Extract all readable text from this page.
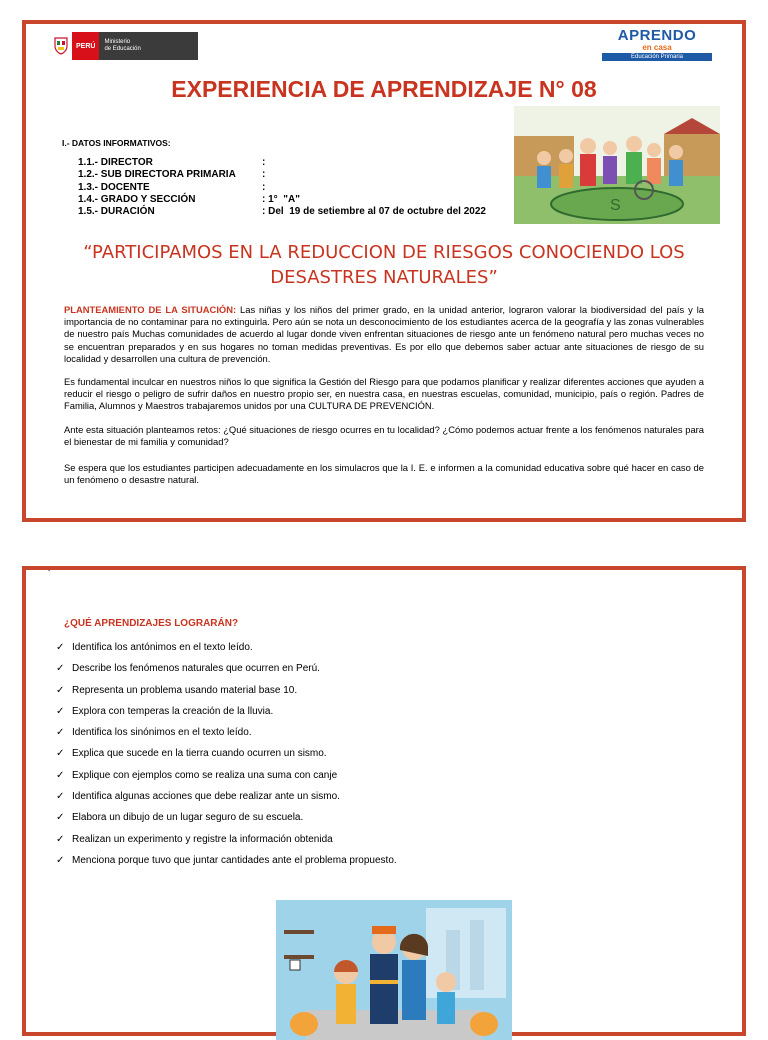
PERÚ
Ministerio
de Educación
APRENDO
en casa
Educación Primaria
EXPERIENCIA DE APRENDIZAJE N° 08
I.- DATOS INFORMATIVOS:
1.1.- DIRECTOR	:
1.2.- SUB DIRECTORA PRIMARIA	:
1.3.- DOCENTE	:
1.4.- GRADO Y SECCIÓN	: 1°  "A"
1.5.- DURACIÓN	: Del  19 de setiembre al 07 de octubre del 2022	S
“PARTICIPAMOS EN LA REDUCCION DE RIESGOS CONOCIENDO LOS DESASTRES NATURALES”
PLANTEAMIENTO DE LA SITUACIÓN: Las niñas y los niños del primer grado, en la unidad anterior, lograron valorar la biodiversidad del país y la importancia de no contaminar para no extinguirla. Pero aún se nota un desconocimiento de los estudiantes acerca de la geografía y las zonas vulnerables de nuestro país Muchas comunidades de acuerdo al lugar donde viven enfrentan situaciones de riesgo ante un fenómeno natural pero muchas veces no se encuentran preparados y en sus hogares no toman medidas preventivas. Es por ello que debemos saber actuar ante situaciones de riesgo de su localidad y desarrollen una cultura de prevención.
Es fundamental inculcar en nuestros niños lo que significa la Gestión del Riesgo para que podamos planificar y realizar diferentes acciones que ayuden a reducir el riesgo o peligro de sufrir daños en nuestro propio ser, en nuestra casa, en nuestras escuelas, comunidad, municipio, país o región. Padres de Familia, Alumnos y Maestros trabajaremos unidos por una CULTURA DE PREVENCIÓN.
Ante esta situación planteamos retos: ¿Qué situaciones de riesgo ocurres en tu localidad? ¿Cómo podemos actuar frente a los fenómenos naturales para el bienestar de mi familia y comunidad?
Se espera que los estudiantes participen adecuadamente en los simulacros que la I. E. e informen a la comunidad educativa sobre qué hacer en caso de un fenómeno o desastre natural.
-
¿QUÉ APRENDIZAJES LOGRARÁN?
✓ Identifica los antónimos en el texto leído.
✓ Describe los fenómenos naturales que ocurren en Perú.
✓ Representa un problema usando material base 10.
✓ Explora con temperas la creación de la lluvia.
✓ Identifica los sinónimos en el texto leído.
✓ Explica que sucede en la tierra cuando ocurren un sismo.
✓ Explique con ejemplos como se realiza una suma con canje
✓ Identifica algunas acciones que debe realizar ante un sismo.
✓ Elabora un dibujo de un lugar seguro de su escuela.
✓ Realizan un experimento y registre la información obtenida
✓ Menciona porque tuvo que juntar cantidades ante el problema propuesto.
